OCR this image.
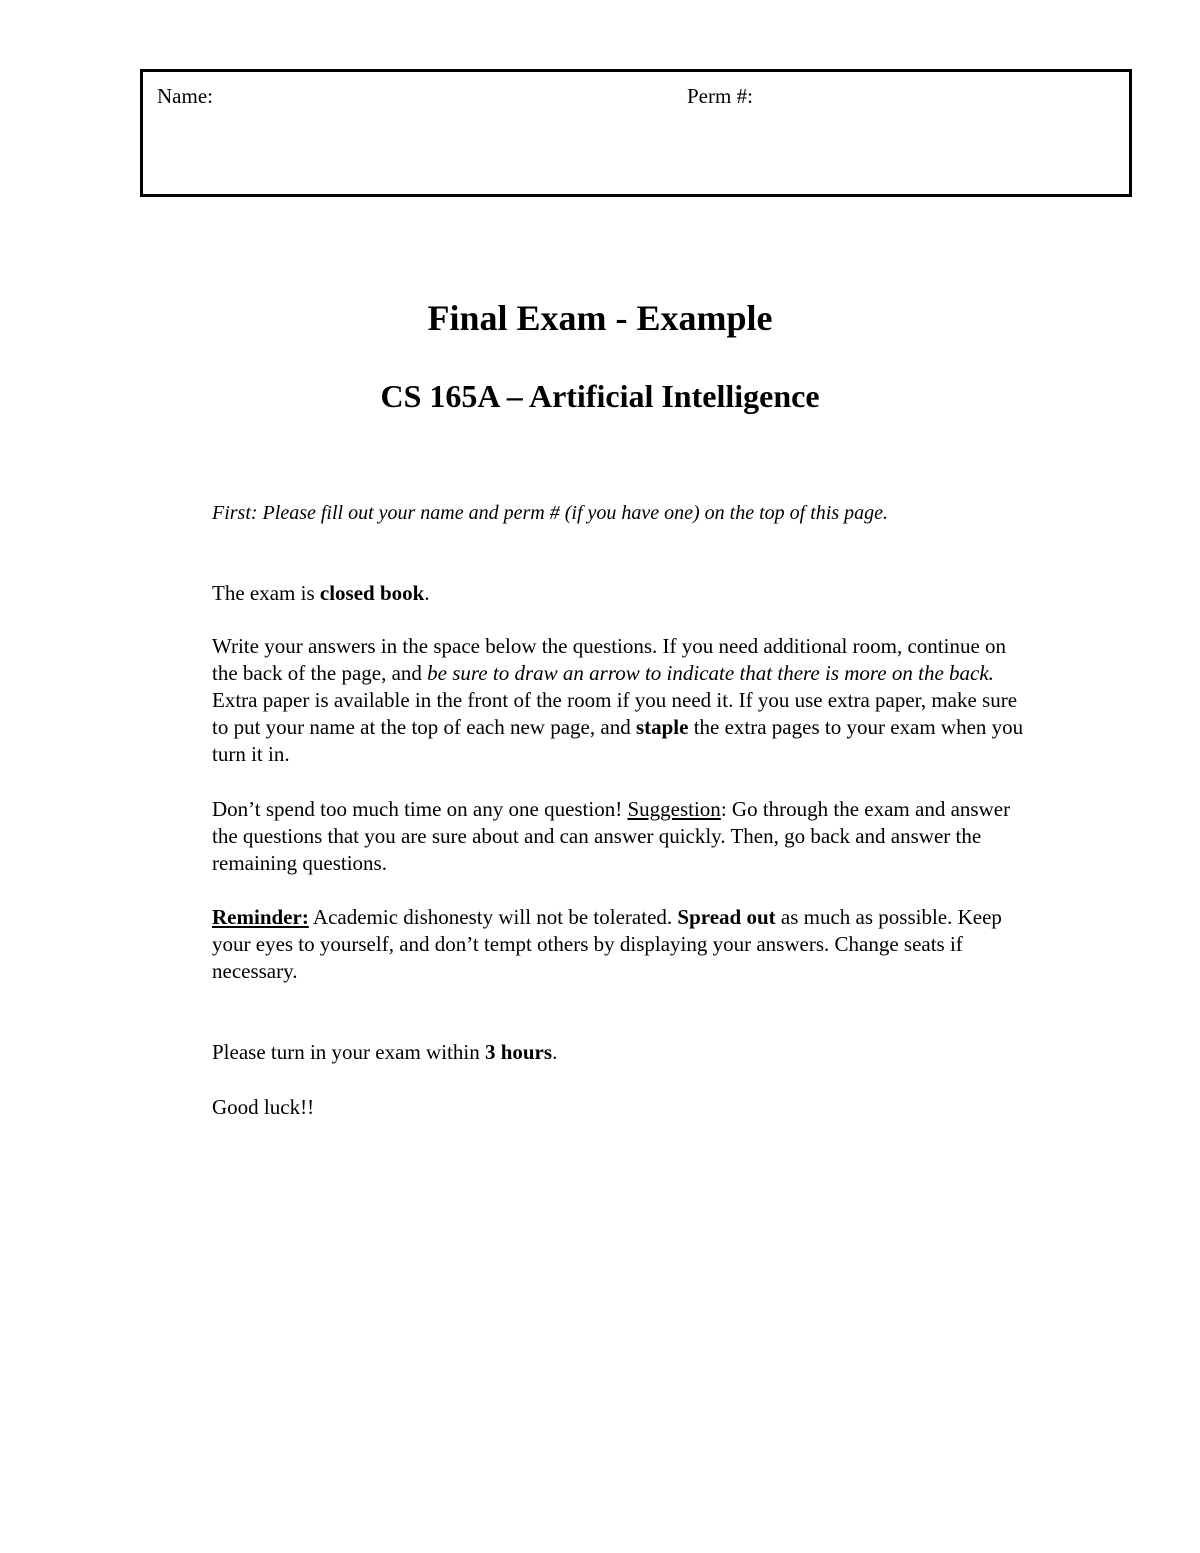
Name:	Perm #:
Final Exam - Example
CS 165A – Artificial Intelligence
First: Please fill out your name and perm # (if you have one) on the top of this page.
The exam is closed book.
Write your answers in the space below the questions. If you need additional room, continue on the back of the page, and be sure to draw an arrow to indicate that there is more on the back. Extra paper is available in the front of the room if you need it. If you use extra paper, make sure to put your name at the top of each new page, and staple the extra pages to your exam when you turn it in.
Don’t spend too much time on any one question! Suggestion: Go through the exam and answer the questions that you are sure about and can answer quickly. Then, go back and answer the remaining questions.
Reminder: Academic dishonesty will not be tolerated. Spread out as much as possible. Keep your eyes to yourself, and don’t tempt others by displaying your answers. Change seats if necessary.
Please turn in your exam within 3 hours.
Good luck!!
